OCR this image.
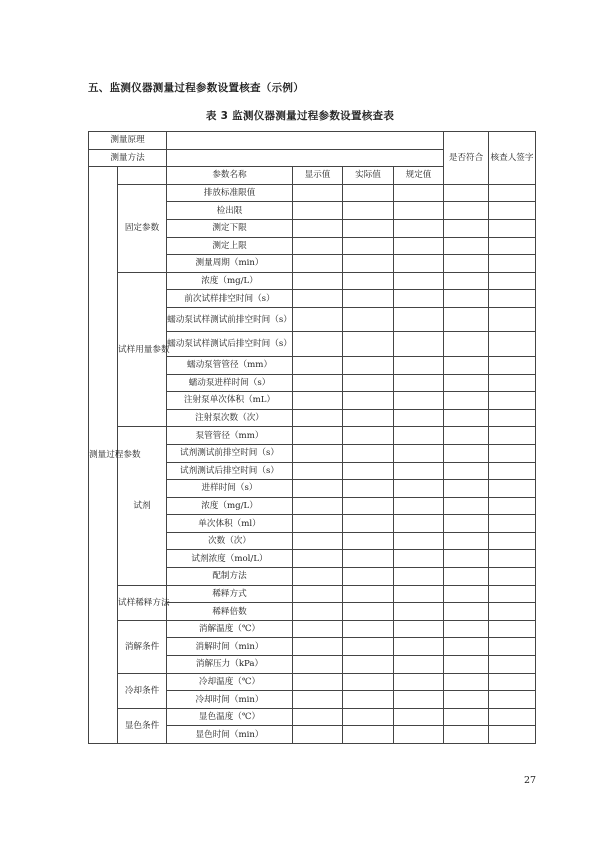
五、监测仪器测量过程参数设置核查（示例）
表 3 监测仪器测量过程参数设置核查表
测量原理						是否符合	核查人签字
测量方法							
测量过程参数		参数名称	显示值	实际值	规定值		
	固定参数	排放标准限值					
		检出限					
		测定下限					
		测定上限					
		测量周期（min）					
	试样用量参数	浓度（mg/L）					
		前次试样排空时间（s）					
		蠕动泵试样测试前排空时间（s）					
		蠕动泵试样测试后排空时间（s）					
		蠕动泵管管径（mm）					
		蠕动泵进样时间（s）					
		注射泵单次体积（mL）					
		注射泵次数（次）					
	试剂	泵管管径（mm）					
		试剂测试前排空时间（s）					
		试剂测试后排空时间（s）					
		进样时间（s）					
		浓度（mg/L）					
		单次体积（ml）					
		次数（次）					
		试剂浓度（mol/L）					
		配制方法					
	试样稀释方法	稀释方式					
		稀释倍数					
	消解条件	消解温度（℃）					
		消解时间（min）					
		消解压力（kPa）					
	冷却条件	冷却温度（℃）					
		冷却时间（min）					
	显色条件	显色温度（℃）					
		显色时间（min）					
27
